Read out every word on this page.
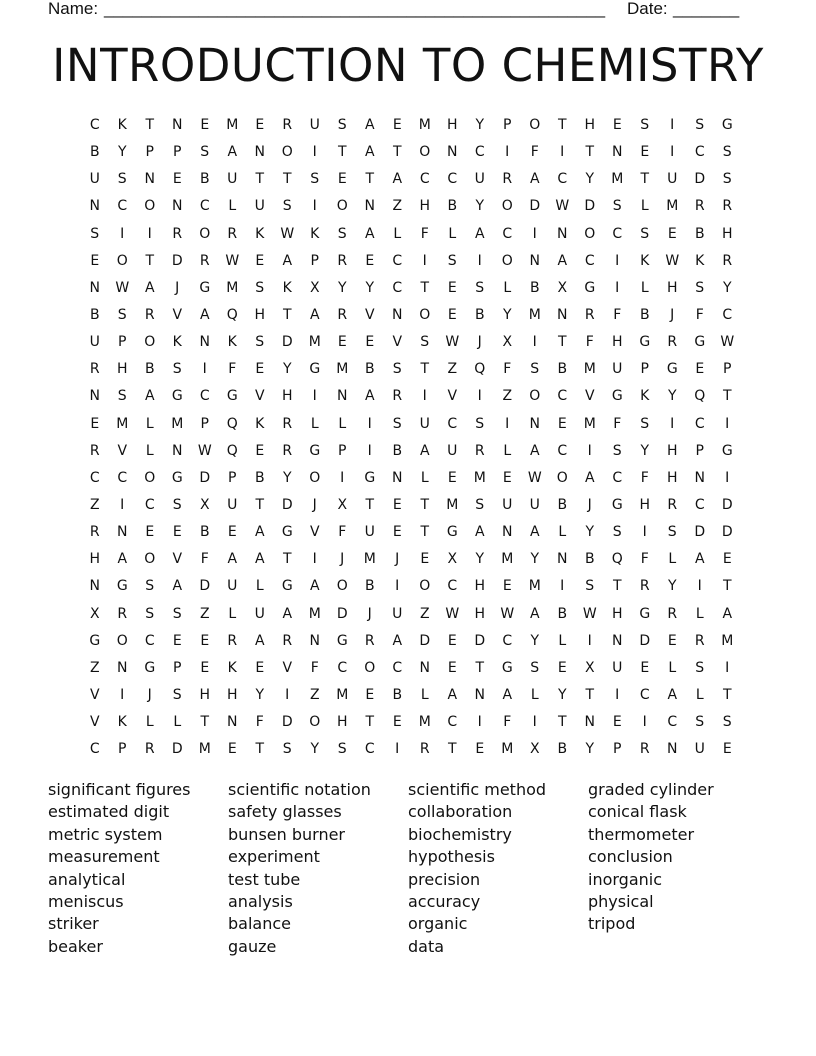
Name: _____________________________________________________ Date: _______
INTRODUCTION TO CHEMISTRY
C	K	T	N	E	M	E	R	U	S	A	E	M	H	Y	P	O	T	H	E	S	I	S	G
B	Y	P	P	S	A	N	O	I	T	A	T	O	N	C	I	F	I	T	N	E	I	C	S
U	S	N	E	B	U	T	T	S	E	T	A	C	C	U	R	A	C	Y	M	T	U	D	S
N	C	O	N	C	L	U	S	I	O	N	Z	H	B	Y	O	D	W	D	S	L	M	R	R
S	I	I	R	O	R	K	W	K	S	A	L	F	L	A	C	I	N	O	C	S	E	B	H
E	O	T	D	R	W	E	A	P	R	E	C	I	S	I	O	N	A	C	I	K	W	K	R
N	W	A	J	G	M	S	K	X	Y	Y	C	T	E	S	L	B	X	G	I	L	H	S	Y
B	S	R	V	A	Q	H	T	A	R	V	N	O	E	B	Y	M	N	R	F	B	J	F	C
U	P	O	K	N	K	S	D	M	E	E	V	S	W	J	X	I	T	F	H	G	R	G	W
R	H	B	S	I	F	E	Y	G	M	B	S	T	Z	Q	F	S	B	M	U	P	G	E	P
N	S	A	G	C	G	V	H	I	N	A	R	I	V	I	Z	O	C	V	G	K	Y	Q	T
E	M	L	M	P	Q	K	R	L	L	I	S	U	C	S	I	N	E	M	F	S	I	C	I
R	V	L	N	W	Q	E	R	G	P	I	B	A	U	R	L	A	C	I	S	Y	H	P	G
C	C	O	G	D	P	B	Y	O	I	G	N	L	E	M	E	W	O	A	C	F	H	N	I
Z	I	C	S	X	U	T	D	J	X	T	E	T	M	S	U	U	B	J	G	H	R	C	D
R	N	E	E	B	E	A	G	V	F	U	E	T	G	A	N	A	L	Y	S	I	S	D	D
H	A	O	V	F	A	A	T	I	J	M	J	E	X	Y	M	Y	N	B	Q	F	L	A	E
N	G	S	A	D	U	L	G	A	O	B	I	O	C	H	E	M	I	S	T	R	Y	I	T
X	R	S	S	Z	L	U	A	M	D	J	U	Z	W	H	W	A	B	W	H	G	R	L	A
G	O	C	E	E	R	A	R	N	G	R	A	D	E	D	C	Y	L	I	N	D	E	R	M
Z	N	G	P	E	K	E	V	F	C	O	C	N	E	T	G	S	E	X	U	E	L	S	I
V	I	J	S	H	H	Y	I	Z	M	E	B	L	A	N	A	L	Y	T	I	C	A	L	T
V	K	L	L	T	N	F	D	O	H	T	E	M	C	I	F	I	T	N	E	I	C	S	S
C	P	R	D	M	E	T	S	Y	S	C	I	R	T	E	M	X	B	Y	P	R	N	U	E
significant figures
estimated digit
metric system
measurement
analytical
meniscus
striker
beaker
scientific notation
safety glasses
bunsen burner
experiment
test tube
analysis
balance
gauze
scientific method
collaboration
biochemistry
hypothesis
precision
accuracy
organic
data
graded cylinder
conical flask
thermometer
conclusion
inorganic
physical
tripod
